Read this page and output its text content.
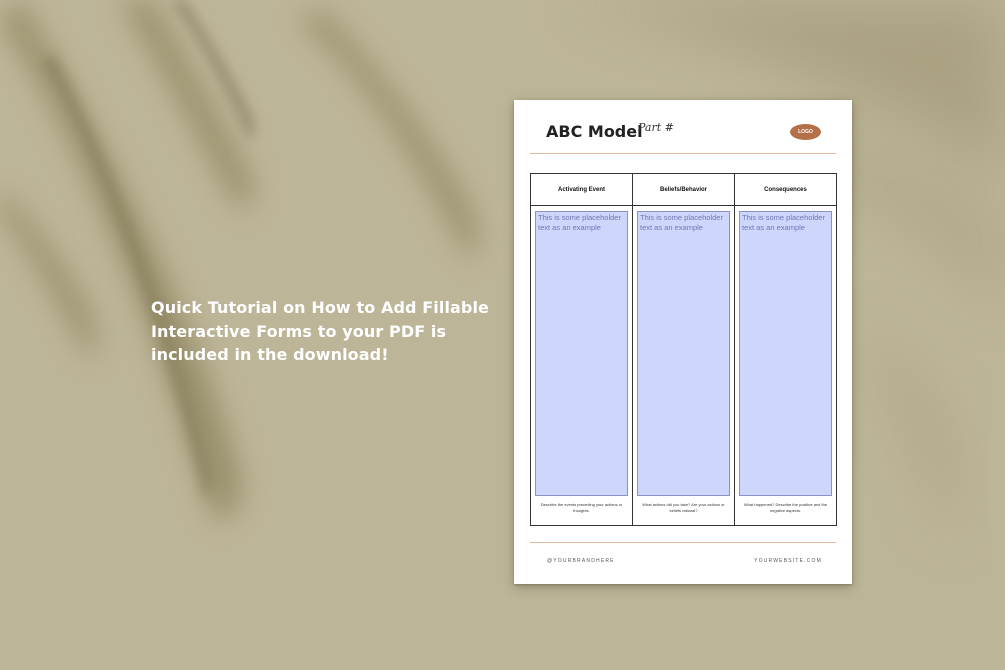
Quick Tutorial on How to Add Fillable
Interactive Forms to your PDF is
included in the download!
ABC Model
Part #	LOGO
Activating Event
This is some placeholder text as an example
Describe the events preceding your actions or thoughts.
Beliefs/Behavior
This is some placeholder text as an example
What actions did you take? Are your actions or beliefs rational?
Consequences
This is some placeholder text as an example
What happened? Describe the positive and the negative aspects.
@YOURBRANDHERE	YOURWEBSITE.COM
